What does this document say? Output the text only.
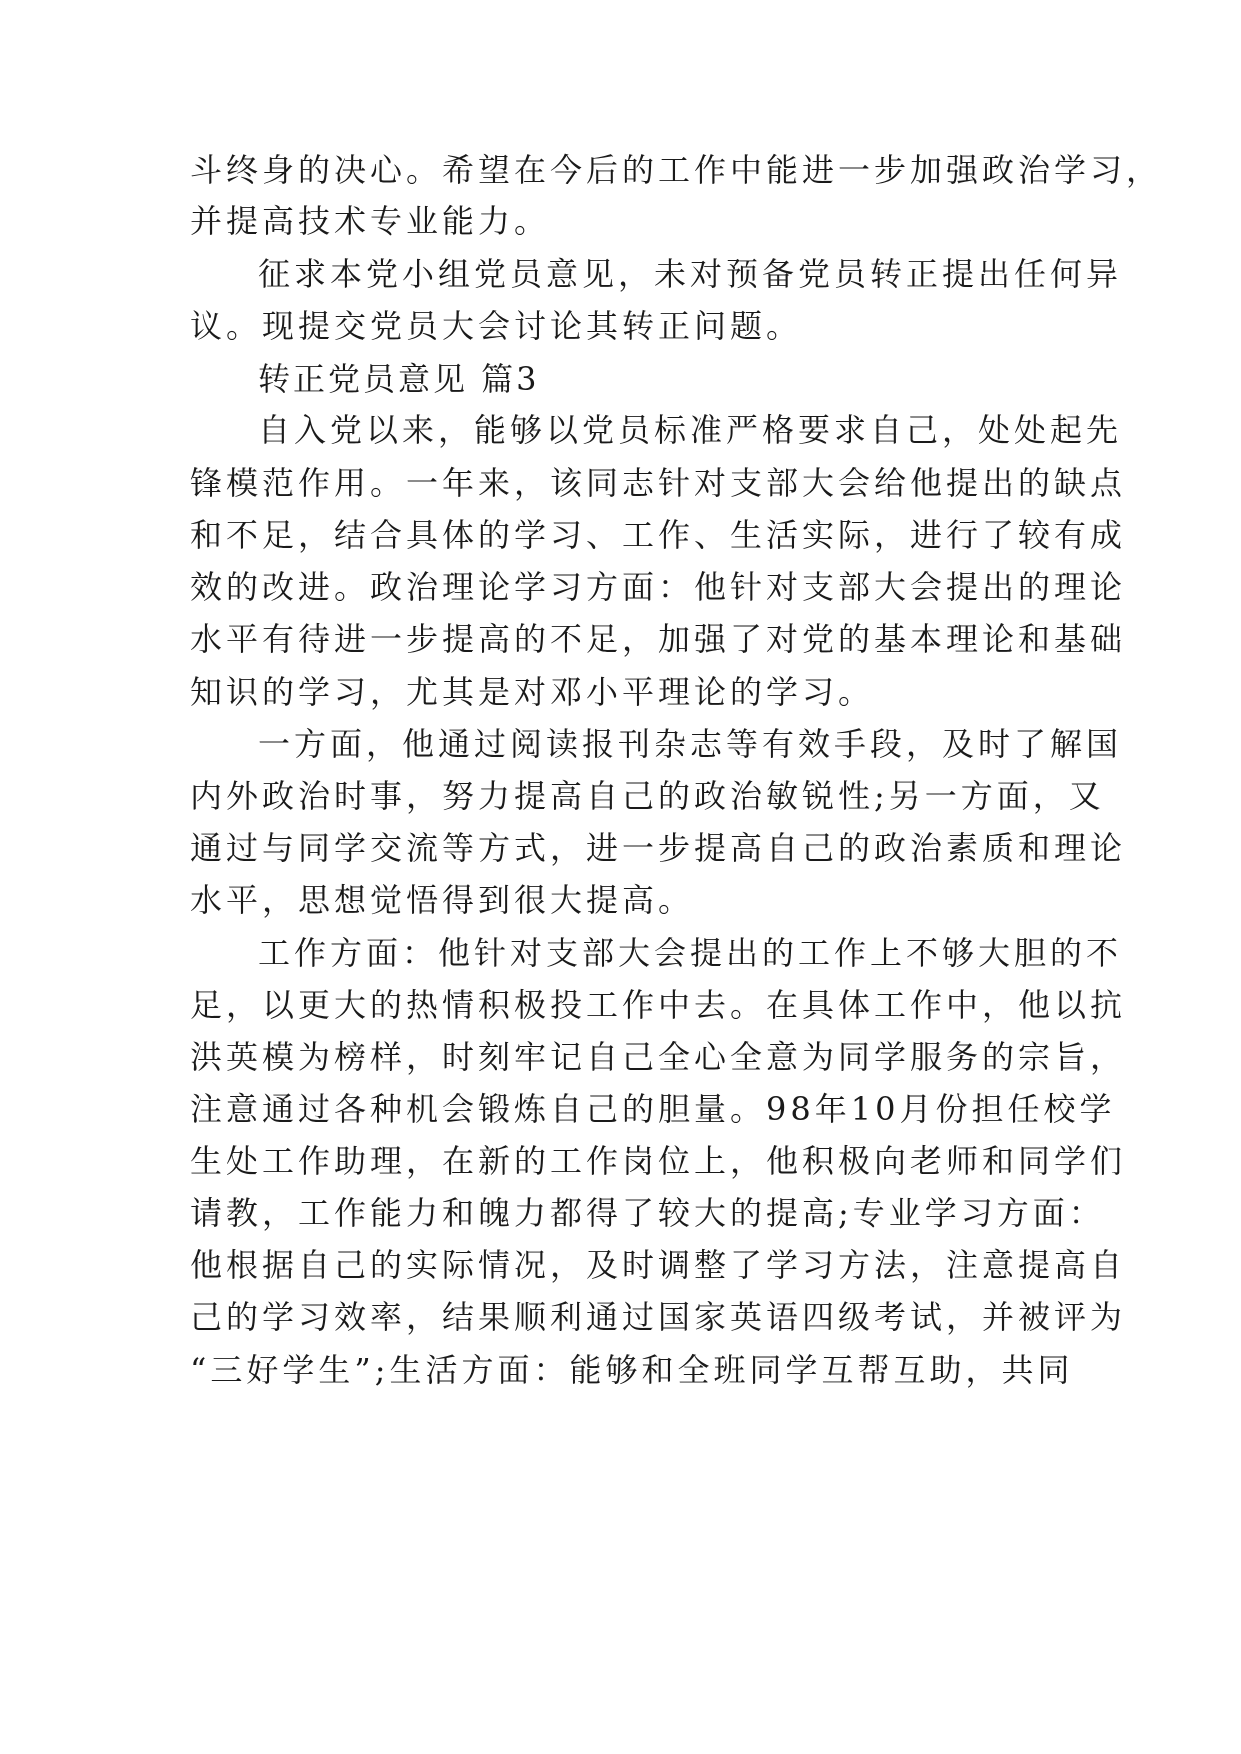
斗终身的决心。希望在今后的工作中能进一步加强政治学习，

并提高技术专业能力。

征求本党小组党员意见，未对预备党员转正提出任何异

议。现提交党员大会讨论其转正问题。

转正党员意见 篇3

自入党以来，能够以党员标准严格要求自己，处处起先

锋模范作用。一年来，该同志针对支部大会给他提出的缺点

和不足，结合具体的学习、工作、生活实际，进行了较有成

效的改进。政治理论学习方面：他针对支部大会提出的理论

水平有待进一步提高的不足，加强了对党的基本理论和基础

知识的学习，尤其是对邓小平理论的学习。

一方面，他通过阅读报刊杂志等有效手段，及时了解国

内外政治时事，努力提高自己的政治敏锐性;另一方面，又

通过与同学交流等方式，进一步提高自己的政治素质和理论

水平，思想觉悟得到很大提高。

工作方面：他针对支部大会提出的工作上不够大胆的不

足，以更大的热情积极投工作中去。在具体工作中，他以抗

洪英模为榜样，时刻牢记自己全心全意为同学服务的宗旨，

注意通过各种机会锻炼自己的胆量。98年10月份担任校学

生处工作助理，在新的工作岗位上，他积极向老师和同学们

请教，工作能力和魄力都得了较大的提高;专业学习方面：

他根据自己的实际情况，及时调整了学习方法，注意提高自

己的学习效率，结果顺利通过国家英语四级考试，并被评为

“三好学生”;生活方面：能够和全班同学互帮互助，共同
